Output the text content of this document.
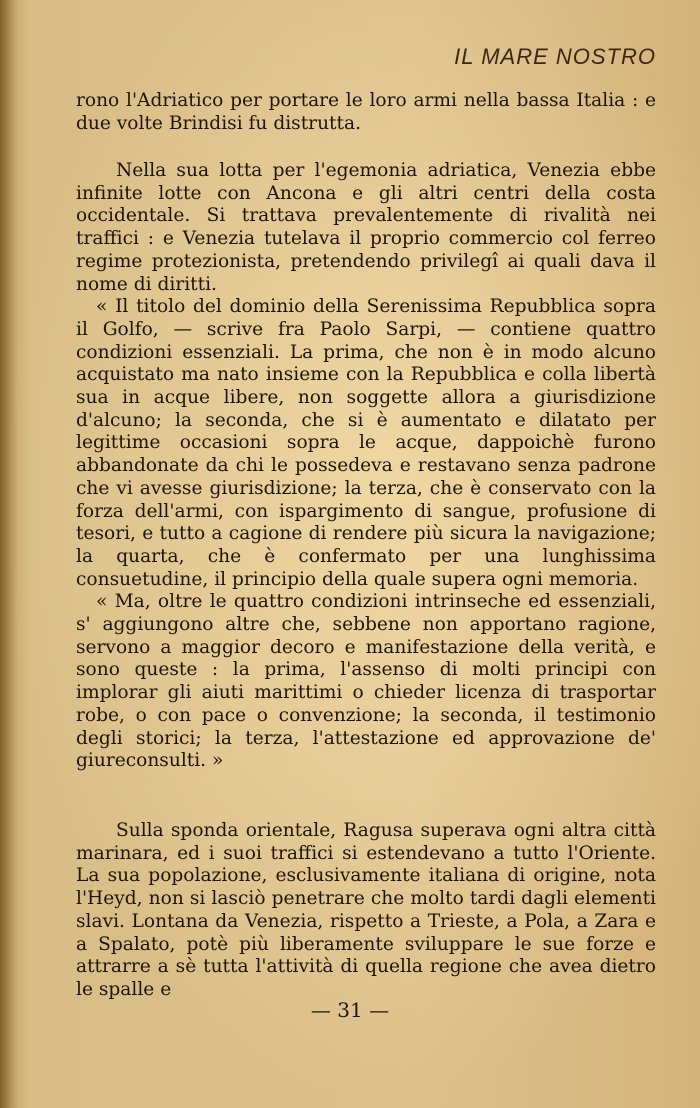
IL MARE NOSTRO

rono l'Adriatico per portare le loro armi nella bassa Italia : e due volte Brindisi fu distrutta.

Nella sua lotta per l'egemonia adriatica, Venezia ebbe infinite lotte con Ancona e gli altri centri della costa occidentale. Si trattava prevalentemente di rivalità nei traffici : e Venezia tutelava il proprio commercio col ferreo regime protezionista, pretendendo privilegî ai quali dava il nome di diritti.

« Il titolo del dominio della Serenissima Repubblica sopra il Golfo, — scrive fra Paolo Sarpi, — contiene quattro condizioni essenziali. La prima, che non è in modo alcuno acquistato ma nato insieme con la Repubblica e colla libertà sua in acque libere, non soggette allora a giurisdizione d'alcuno; la seconda, che si è aumentato e dilatato per legittime occasioni sopra le acque, dappoichè furono abbandonate da chi le possedeva e restavano senza padrone che vi avesse giurisdizione; la terza, che è conservato con la forza dell'armi, con ispargimento di sangue, profusione di tesori, e tutto a cagione di rendere più sicura la navigazione; la quarta, che è confermato per una lunghissima consuetudine, il principio della quale supera ogni memoria.

« Ma, oltre le quattro condizioni intrinseche ed essenziali, s' aggiungono altre che, sebbene non apportano ragione, servono a maggior decoro e manifestazione della verità, e sono queste : la prima, l'assenso di molti principi con implorar gli aiuti marittimi o chieder licenza di trasportar robe, o con pace o convenzione; la seconda, il testimonio degli storici; la terza, l'attestazione ed approvazione de' giureconsulti. »

Sulla sponda orientale, Ragusa superava ogni altra città marinara, ed i suoi traffici si estendevano a tutto l'Oriente. La sua popolazione, esclusivamente italiana di origine, nota l'Heyd, non si lasciò penetrare che molto tardi dagli elementi slavi. Lontana da Venezia, rispetto a Trieste, a Pola, a Zara e a Spalato, potè più liberamente sviluppare le sue forze e attrarre a sè tutta l'attività di quella regione che avea dietro le spalle e

— 31 —
